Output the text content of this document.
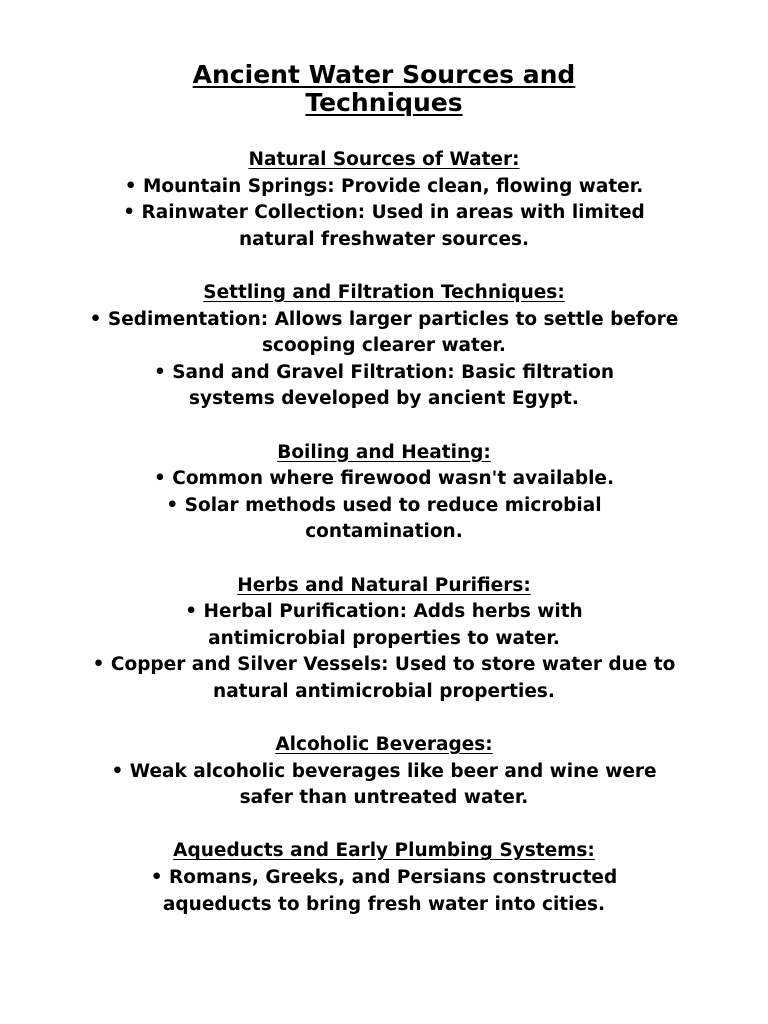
Ancient Water Sources and Techniques
Natural Sources of Water:
• Mountain Springs: Provide clean, flowing water.
• Rainwater Collection: Used in areas with limited natural freshwater sources.
Settling and Filtration Techniques:
• Sedimentation: Allows larger particles to settle before scooping clearer water.
• Sand and Gravel Filtration: Basic filtration systems developed by ancient Egypt.
Boiling and Heating:
• Common where firewood wasn't available.
• Solar methods used to reduce microbial contamination.
Herbs and Natural Purifiers:
• Herbal Purification: Adds herbs with antimicrobial properties to water.
• Copper and Silver Vessels: Used to store water due to natural antimicrobial properties.
Alcoholic Beverages:
• Weak alcoholic beverages like beer and wine were safer than untreated water.
Aqueducts and Early Plumbing Systems:
• Romans, Greeks, and Persians constructed aqueducts to bring fresh water into cities.
